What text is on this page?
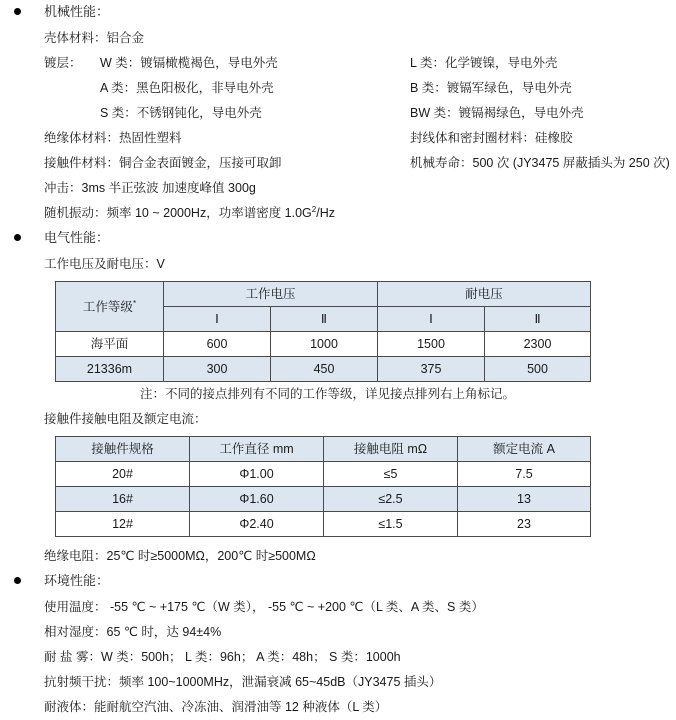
机械性能：
壳体材料：铝合金
镀层： W 类：镀镉橄榄褐色，导电外壳	L 类：化学镀镍，导电外壳
A 类：黑色阳极化，非导电外壳	B 类：镀镉军绿色，导电外壳
S 类：不锈钢钝化，导电外壳	BW 类：镀镉褐绿色，导电外壳
绝缘体材料：热固性塑料	封线体和密封圈材料：硅橡胶
接触件材料：铜合金表面镀金，压接可取卸	机械寿命：500 次 (JY3475 屏蔽插头为 250 次)
冲击：3ms 半正弦波 加速度峰值 300g
随机振动：频率 10 ~ 2000Hz，功率谱密度 $1.0G^2/Hz$
电气性能：
工作电压及耐电压：V
工作等级*	工作电压		耐电压	
	Ⅰ	Ⅱ	Ⅰ	Ⅱ
海平面	600	1000	1500	2300
21336m	300	450	375	500
注：不同的接点排列有不同的工作等级，详见接点排列右上角标记。
接触件接触电阻及额定电流：
接触件规格	工作直径 mm	接触电阻 mΩ	额定电流 A
20#	Φ1.00	≤5	7.5
16#	Φ1.60	≤2.5	13
12#	Φ2.40	≤1.5	23
绝缘电阻：25℃ 时≥5000MΩ，200℃ 时≥500MΩ
环境性能：
使用温度： -55 ℃ ~ +175 ℃（W 类）， -55 ℃ ~ +200 ℃（L 类、A 类、S 类）
相对湿度：65 ℃ 时，达 94±4%
耐 盐 雾：W 类：500h； L 类：96h； A 类：48h； S 类：1000h
抗射频干扰：频率 100~1000MHz，泄漏衰减 65~45dB（JY3475 插头）
耐液体：能耐航空汽油、冷冻油、润滑油等 12 种液体（L 类）
